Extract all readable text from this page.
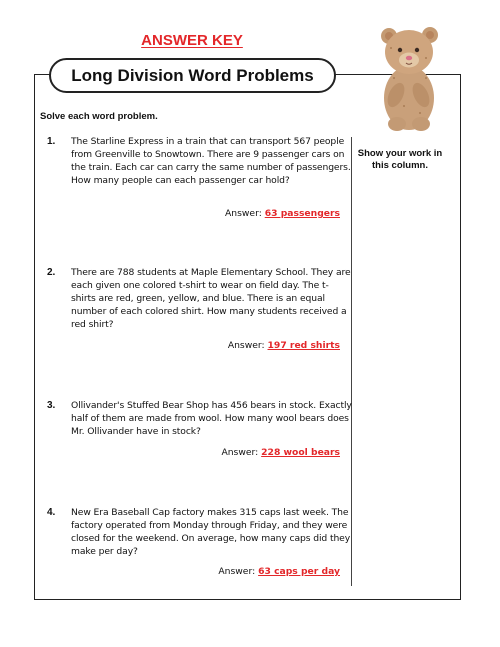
ANSWER KEY
Long Division Word Problems
Solve each word problem.
Show your work in this column.
1. The Starline Express in a train that can transport 567 people from Greenville to Snowtown. There are 9 passenger cars on the train. Each car can carry the same number of passengers. How many people can each passenger car hold?
Answer: 63 passengers
2. There are 788 students at Maple Elementary School. They are each given one colored t-shirt to wear on field day. The t-shirts are red, green, yellow, and blue. There is an equal number of each colored shirt. How many students received a red shirt?
Answer: 197 red shirts
3. Ollivander's Stuffed Bear Shop has 456 bears in stock. Exactly half of them are made from wool. How many wool bears does Mr. Ollivander have in stock?
Answer: 228 wool bears
4. New Era Baseball Cap factory makes 315 caps last week. The factory operated from Monday through Friday, and they were closed for the weekend. On average, how many caps did they make per day?
Answer: 63 caps per day
